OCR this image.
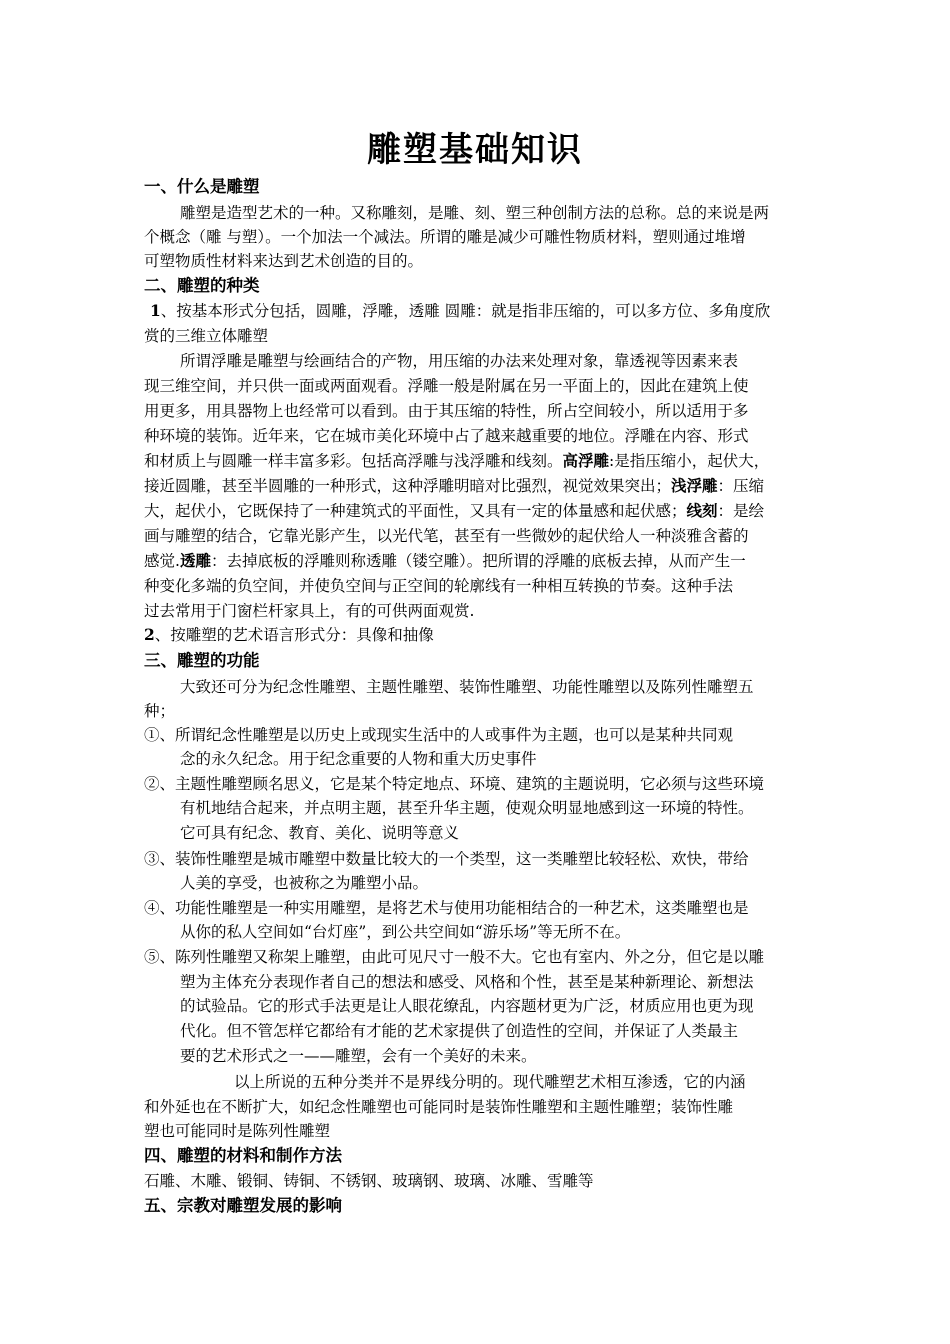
雕塑基础知识
一、什么是雕塑
雕塑是造型艺术的一种。又称雕刻，是雕、刻、塑三种创制方法的总称。总的来说是两
个概念（雕 与塑）。一个加法一个减法。所谓的雕是减少可雕性物质材料，塑则通过堆增
可塑物质性材料来达到艺术创造的目的。
二、雕塑的种类
1、按基本形式分包括，圆雕，浮雕，透雕 圆雕：就是指非压缩的，可以多方位、多角度欣
赏的三维立体雕塑
所谓浮雕是雕塑与绘画结合的产物，用压缩的办法来处理对象，靠透视等因素来表
现三维空间，并只供一面或两面观看。浮雕一般是附属在另一平面上的，因此在建筑上使
用更多，用具器物上也经常可以看到。由于其压缩的特性，所占空间较小，所以适用于多
种环境的装饰。近年来，它在城市美化环境中占了越来越重要的地位。浮雕在内容、形式
和材质上与圆雕一样丰富多彩。包括高浮雕与浅浮雕和线刻。高浮雕:是指压缩小，起伏大，
接近圆雕，甚至半圆雕的一种形式，这种浮雕明暗对比强烈，视觉效果突出；浅浮雕：压缩
大，起伏小，它既保持了一种建筑式的平面性，又具有一定的体量感和起伏感；线刻：是绘
画与雕塑的结合，它靠光影产生，以光代笔，甚至有一些微妙的起伏给人一种淡雅含蓄的
感觉.透雕：去掉底板的浮雕则称透雕（镂空雕）。把所谓的浮雕的底板去掉，从而产生一
种变化多端的负空间，并使负空间与正空间的轮廓线有一种相互转换的节奏。这种手法
过去常用于门窗栏杆家具上，有的可供两面观赏.
2、按雕塑的艺术语言形式分：具像和抽像
三、雕塑的功能
大致还可分为纪念性雕塑、主题性雕塑、装饰性雕塑、功能性雕塑以及陈列性雕塑五
种；
①、所谓纪念性雕塑是以历史上或现实生活中的人或事件为主题，也可以是某种共同观
念的永久纪念。用于纪念重要的人物和重大历史事件
②、主题性雕塑顾名思义，它是某个特定地点、环境、建筑的主题说明，它必须与这些环境
有机地结合起来，并点明主题，甚至升华主题，使观众明显地感到这一环境的特性。
它可具有纪念、教育、美化、说明等意义
③、装饰性雕塑是城市雕塑中数量比较大的一个类型，这一类雕塑比较轻松、欢快，带给
人美的享受，也被称之为雕塑小品。
④、功能性雕塑是一种实用雕塑，是将艺术与使用功能相结合的一种艺术，这类雕塑也是
从你的私人空间如“台灯座”，到公共空间如“游乐场”等无所不在。
⑤、陈列性雕塑又称架上雕塑，由此可见尺寸一般不大。它也有室内、外之分，但它是以雕
塑为主体充分表现作者自己的想法和感受、风格和个性，甚至是某种新理论、新想法
的试验品。它的形式手法更是让人眼花缭乱，内容题材更为广泛，材质应用也更为现
代化。但不管怎样它都给有才能的艺术家提供了创造性的空间，并保证了人类最主
要的艺术形式之一——雕塑，会有一个美好的未来。
以上所说的五种分类并不是界线分明的。现代雕塑艺术相互渗透，它的内涵
和外延也在不断扩大，如纪念性雕塑也可能同时是装饰性雕塑和主题性雕塑；装饰性雕
塑也可能同时是陈列性雕塑
四、雕塑的材料和制作方法
石雕、木雕、锻铜、铸铜、不锈钢、玻璃钢、玻璃、冰雕、雪雕等
五、宗教对雕塑发展的影响
